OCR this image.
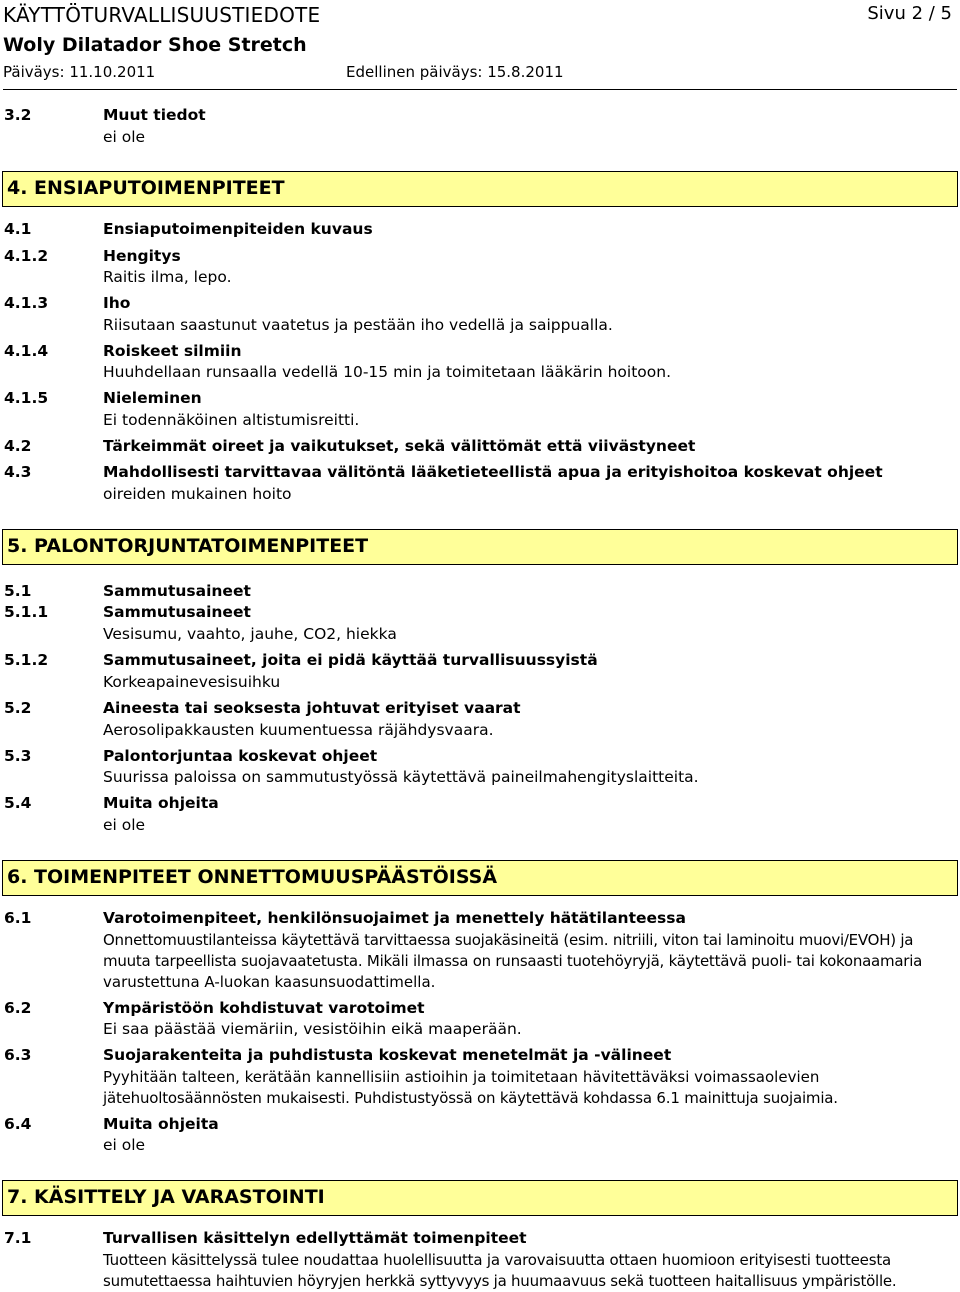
KÄYTTÖTURVALLISUUSTIEDOTE	Sivu 2 / 5
Woly Dilatador Shoe Stretch
Päiväys: 11.10.2011	Edellinen päiväys: 15.8.2011
3.2	Muut tiedot
ei ole
4. ENSIAPUTOIMENPITEET
4.1	Ensiaputoimenpiteiden kuvaus
4.1.2	Hengitys
Raitis ilma, lepo.
4.1.3	Iho
Riisutaan saastunut vaatetus ja pestään iho vedellä ja saippualla.
4.1.4	Roiskeet silmiin
Huuhdellaan runsaalla vedellä 10-15 min ja toimitetaan lääkärin hoitoon.
4.1.5	Nieleminen
Ei todennäköinen altistumisreitti.
4.2	Tärkeimmät oireet ja vaikutukset, sekä välittömät että viivästyneet
4.3	Mahdollisesti tarvittavaa välitöntä lääketieteellistä apua ja erityishoitoa koskevat ohjeet
oireiden mukainen hoito
5. PALONTORJUNTATOIMENPITEET
5.1	Sammutusaineet
5.1.1	Sammutusaineet
Vesisumu, vaahto, jauhe, CO2, hiekka
5.1.2	Sammutusaineet, joita ei pidä käyttää turvallisuussyistä
Korkeapainevesisuihku
5.2	Aineesta tai seoksesta johtuvat erityiset vaarat
Aerosolipakkausten kuumentuessa räjähdysvaara.
5.3	Palontorjuntaa koskevat ohjeet
Suurissa paloissa on sammutustyössä käytettävä paineilmahengityslaitteita.
5.4	Muita ohjeita
ei ole
6. TOIMENPITEET ONNETTOMUUSPÄÄSTÖISSÄ
6.1	Varotoimenpiteet, henkilönsuojaimet ja menettely hätätilanteessa
Onnettomuustilanteissa käytettävä tarvittaessa suojakäsineitä (esim. nitriili, viton tai laminoitu muovi/EVOH) ja
muuta tarpeellista suojavaatetusta. Mikäli ilmassa on runsaasti tuotehöyryjä, käytettävä puoli- tai kokonaamaria
varustettuna A-luokan kaasunsuodattimella.
6.2	Ympäristöön kohdistuvat varotoimet
Ei saa päästää viemäriin, vesistöihin eikä maaperään.
6.3	Suojarakenteita ja puhdistusta koskevat menetelmät ja -välineet
Pyyhitään talteen, kerätään kannellisiin astioihin ja toimitetaan hävitettäväksi voimassaolevien
jätehuoltosäännösten mukaisesti. Puhdistustyössä on käytettävä kohdassa 6.1 mainittuja suojaimia.
6.4	Muita ohjeita
ei ole
7. KÄSITTELY JA VARASTOINTI
7.1	Turvallisen käsittelyn edellyttämät toimenpiteet
Tuotteen käsittelyssä tulee noudattaa huolellisuutta ja varovaisuutta ottaen huomioon erityisesti tuotteesta
sumutettaessa haihtuvien höyryjen herkkä syttyvyys ja huumaavuus sekä tuotteen haitallisuus ympäristölle.
